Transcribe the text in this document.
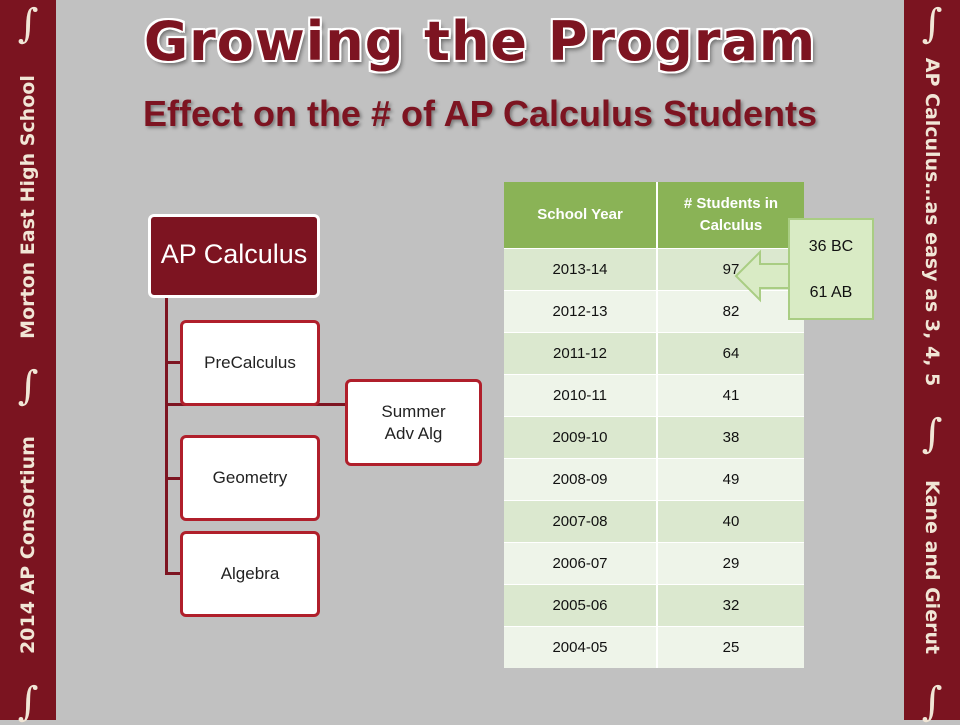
∫
Morton East High School
∫
2014 AP Consortium
∫
∫
AP Calculus…as easy as 3, 4, 5
∫
Kane and Gierut
∫
Growing the Program
Effect on the # of AP Calculus Students
AP Calculus
PreCalculus
Geometry
Algebra
Summer Adv Alg
School Year	# Students in Calculus
2013-14	97
2012-13	82
2011-12	64
2010-11	41
2009-10	38
2008-09	49
2007-08	40
2006-07	29
2005-06	32
2004-05	25
36 BC
61 AB
